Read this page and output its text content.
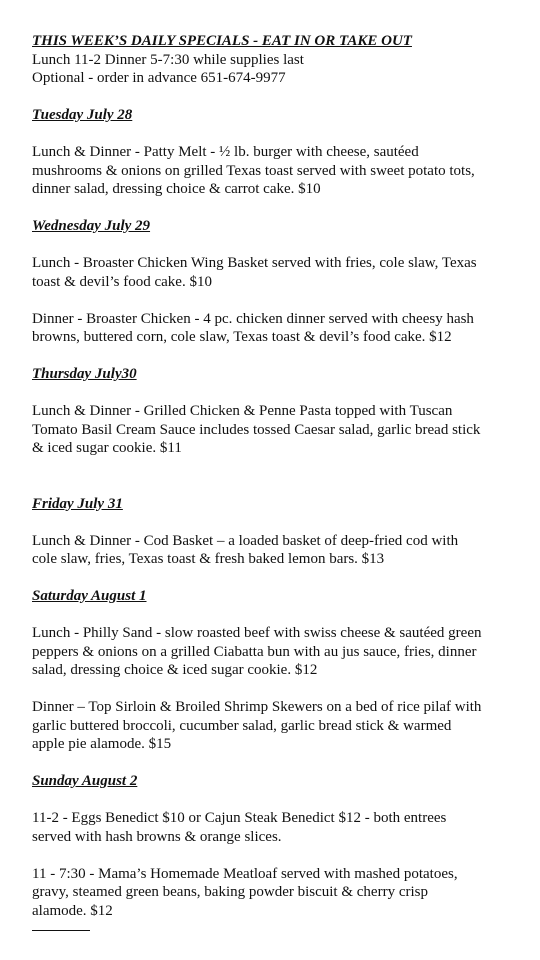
THIS WEEK’S DAILY SPECIALS - EAT IN OR TAKE OUT
Lunch 11-2 Dinner 5-7:30 while supplies last
Optional - order in advance 651-674-9977
Tuesday July 28
Lunch & Dinner - Patty Melt - ½ lb. burger with cheese, sautéed
mushrooms & onions on grilled Texas toast served with sweet potato tots,
dinner salad, dressing choice & carrot cake. $10
Wednesday July 29
Lunch - Broaster Chicken Wing Basket served with fries, cole slaw, Texas
toast & devil’s food cake. $10
Dinner - Broaster Chicken - 4 pc. chicken dinner served with cheesy hash
browns, buttered corn, cole slaw, Texas toast & devil’s food cake. $12
Thursday July30
Lunch & Dinner - Grilled Chicken & Penne Pasta topped with Tuscan
Tomato Basil Cream Sauce includes tossed Caesar salad, garlic bread stick
& iced sugar cookie. $11
Friday July 31
Lunch & Dinner - Cod Basket – a loaded basket of deep-fried cod with
cole slaw, fries, Texas toast & fresh baked lemon bars. $13
Saturday August 1
Lunch - Philly Sand - slow roasted beef with swiss cheese & sautéed green
peppers & onions on a grilled Ciabatta bun with au jus sauce, fries, dinner
salad, dressing choice & iced sugar cookie. $12
Dinner – Top Sirloin & Broiled Shrimp Skewers on a bed of rice pilaf with
garlic buttered broccoli, cucumber salad, garlic bread stick & warmed
apple pie alamode. $15
Sunday August 2
11-2 - Eggs Benedict $10 or Cajun Steak Benedict $12 - both entrees
served with hash browns & orange slices.
11 - 7:30 - Mama’s Homemade Meatloaf served with mashed potatoes,
gravy, steamed green beans, baking powder biscuit & cherry crisp
alamode. $12
